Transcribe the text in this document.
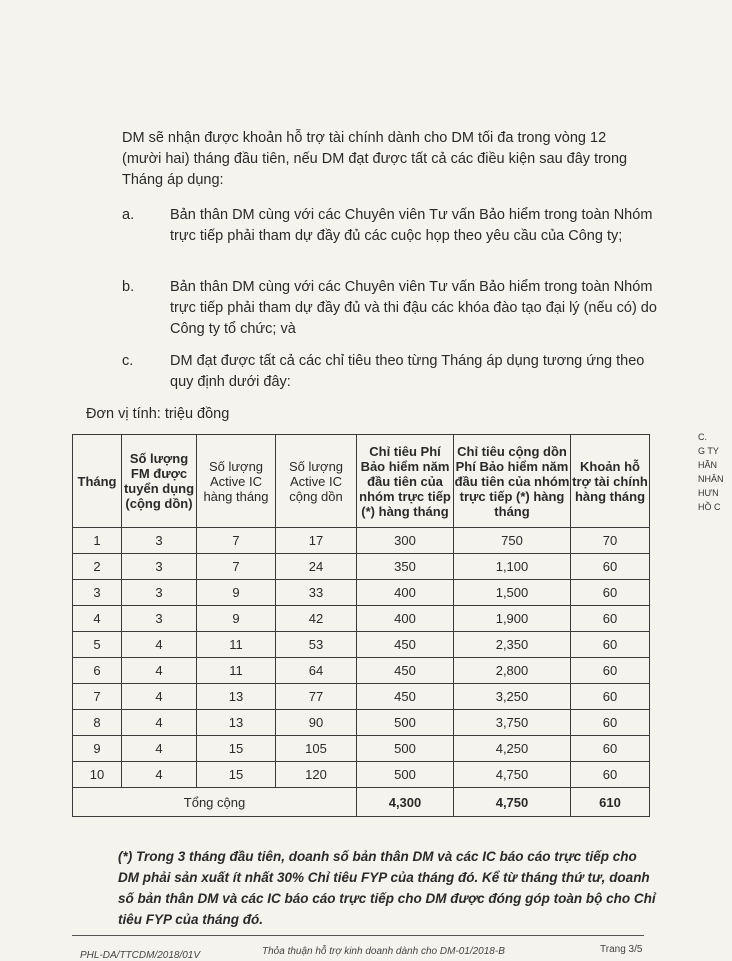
DM sẽ nhận được khoản hỗ trợ tài chính dành cho DM tối đa trong vòng 12 (mười hai) tháng đầu tiên, nếu DM đạt được tất cả các điều kiện sau đây trong Tháng áp dụng:
a. Bản thân DM cùng với các Chuyên viên Tư vấn Bảo hiểm trong toàn Nhóm trực tiếp phải tham dự đầy đủ các cuộc họp theo yêu cầu của Công ty;
b. Bản thân DM cùng với các Chuyên viên Tư vấn Bảo hiểm trong toàn Nhóm trực tiếp phải tham dự đầy đủ và thi đậu các khóa đào tạo đại lý (nếu có) do Công ty tổ chức; và
c.	DM đạt được tất cả các chỉ tiêu theo từng Tháng áp dụng tương ứng theo quy định dưới đây:
Đơn vị tính: triệu đồng
Tháng	Số lượng FM được tuyển dụng (cộng dồn)	Số lượng Active IC hàng tháng	Số lượng Active IC cộng dồn	Chỉ tiêu Phí Bảo hiểm năm đầu tiên của nhóm trực tiếp (*) hàng tháng	Chỉ tiêu cộng dồn Phí Bảo hiểm năm đầu tiên của nhóm trực tiếp (*) hàng tháng	Khoản hỗ trợ tài chính hàng tháng
1	3	7	17	300	750	70
2	3	7	24	350	1,100	60
3	3	9	33	400	1,500	60
4	3	9	42	400	1,900	60
5	4	11	53	450	2,350	60
6	4	11	64	450	2,800	60
7	4	13	77	450	3,250	60
8	4	13	90	500	3,750	60
9	4	15	105	500	4,250	60
10	4	15	120	500	4,750	60
Tổng cộng				4,300	4,750	610
(*) Trong 3 tháng đầu tiên, doanh số bản thân DM và các IC báo cáo trực tiếp cho DM phải sản xuất ít nhất 30% Chỉ tiêu FYP của tháng đó. Kể từ tháng thứ tư, doanh số bản thân DM và các IC báo cáo trực tiếp cho DM được đóng góp toàn bộ cho Chỉ tiêu FYP của tháng đó.
PHL-DA/TTCDM/2018/01V	Thỏa thuận hỗ trợ kinh doanh dành cho DM-01/2018-B	Trang 3/5
C.
G TY
HÃN
NHÂN
HƯN
HỒ C
